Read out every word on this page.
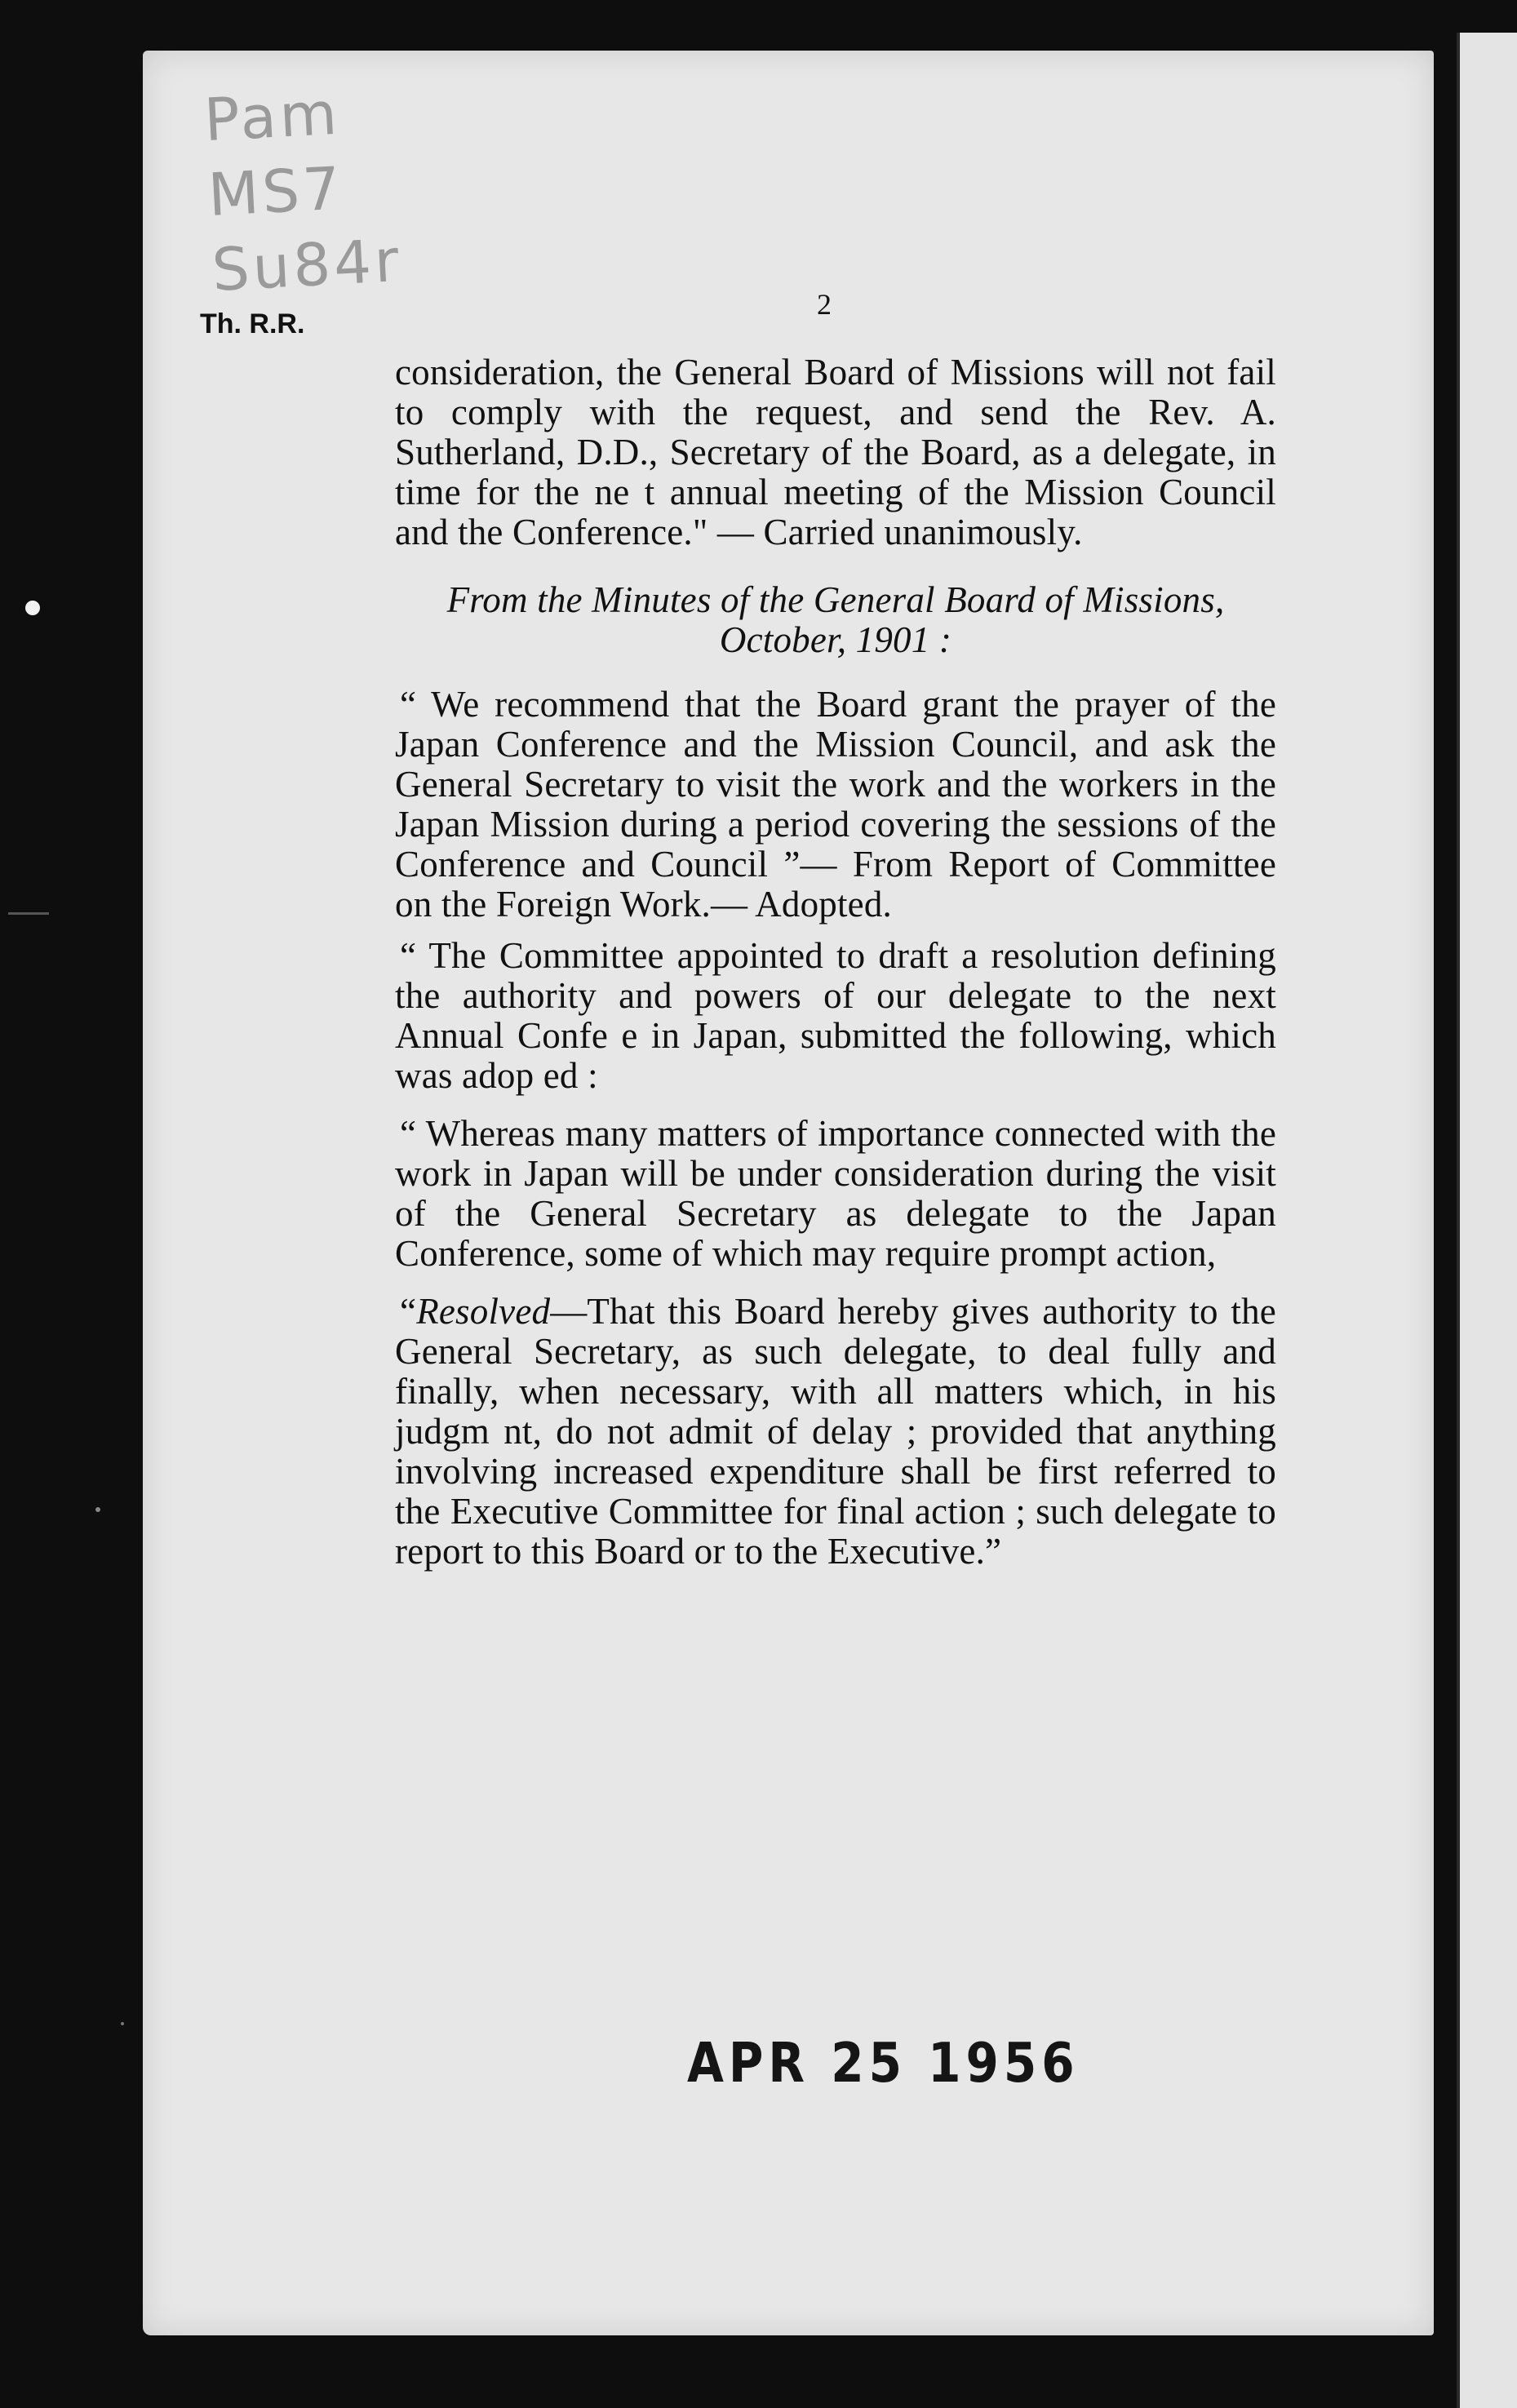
Pam
MS7
Su84r
Th. R.R.
2

consideration, the General Board of Missions will not fail to comply with the request, and send the Rev. A. Sutherland, D.D., Secretary of the Board, as a delegate, in time for the ne t annual meeting of the Mission Council and the Conference." — Carried unanimously.

From the Minutes of the General Board of Missions,
October, 1901 :

“ We recommend that the Board grant the prayer of the Japan Conference and the Mission Council, and ask the General Secretary to visit the work and the workers in the Japan Mission during a period covering the sessions of the Conference and Council ”— From Report of Committee on the Foreign Work.— Adopted.

“ The Committee appointed to draft a resolution defining the authority and powers of our delegate to the next Annual Confe e in Japan, submitted the following, which was adop ed :

“ Whereas many matters of importance connected with the work in Japan will be under consideration during the visit of the General Secretary as delegate to the Japan Conference, some of which may require prompt action,

“Resolved—That this Board hereby gives authority to the General Secretary, as such delegate, to deal fully and finally, when necessary, with all matters which, in his judgm nt, do not admit of delay ; provided that anything involving increased expenditure shall be first referred to the Executive Committee for final action ; such delegate to report to this Board or to the Executive.”

APR 25 1956
